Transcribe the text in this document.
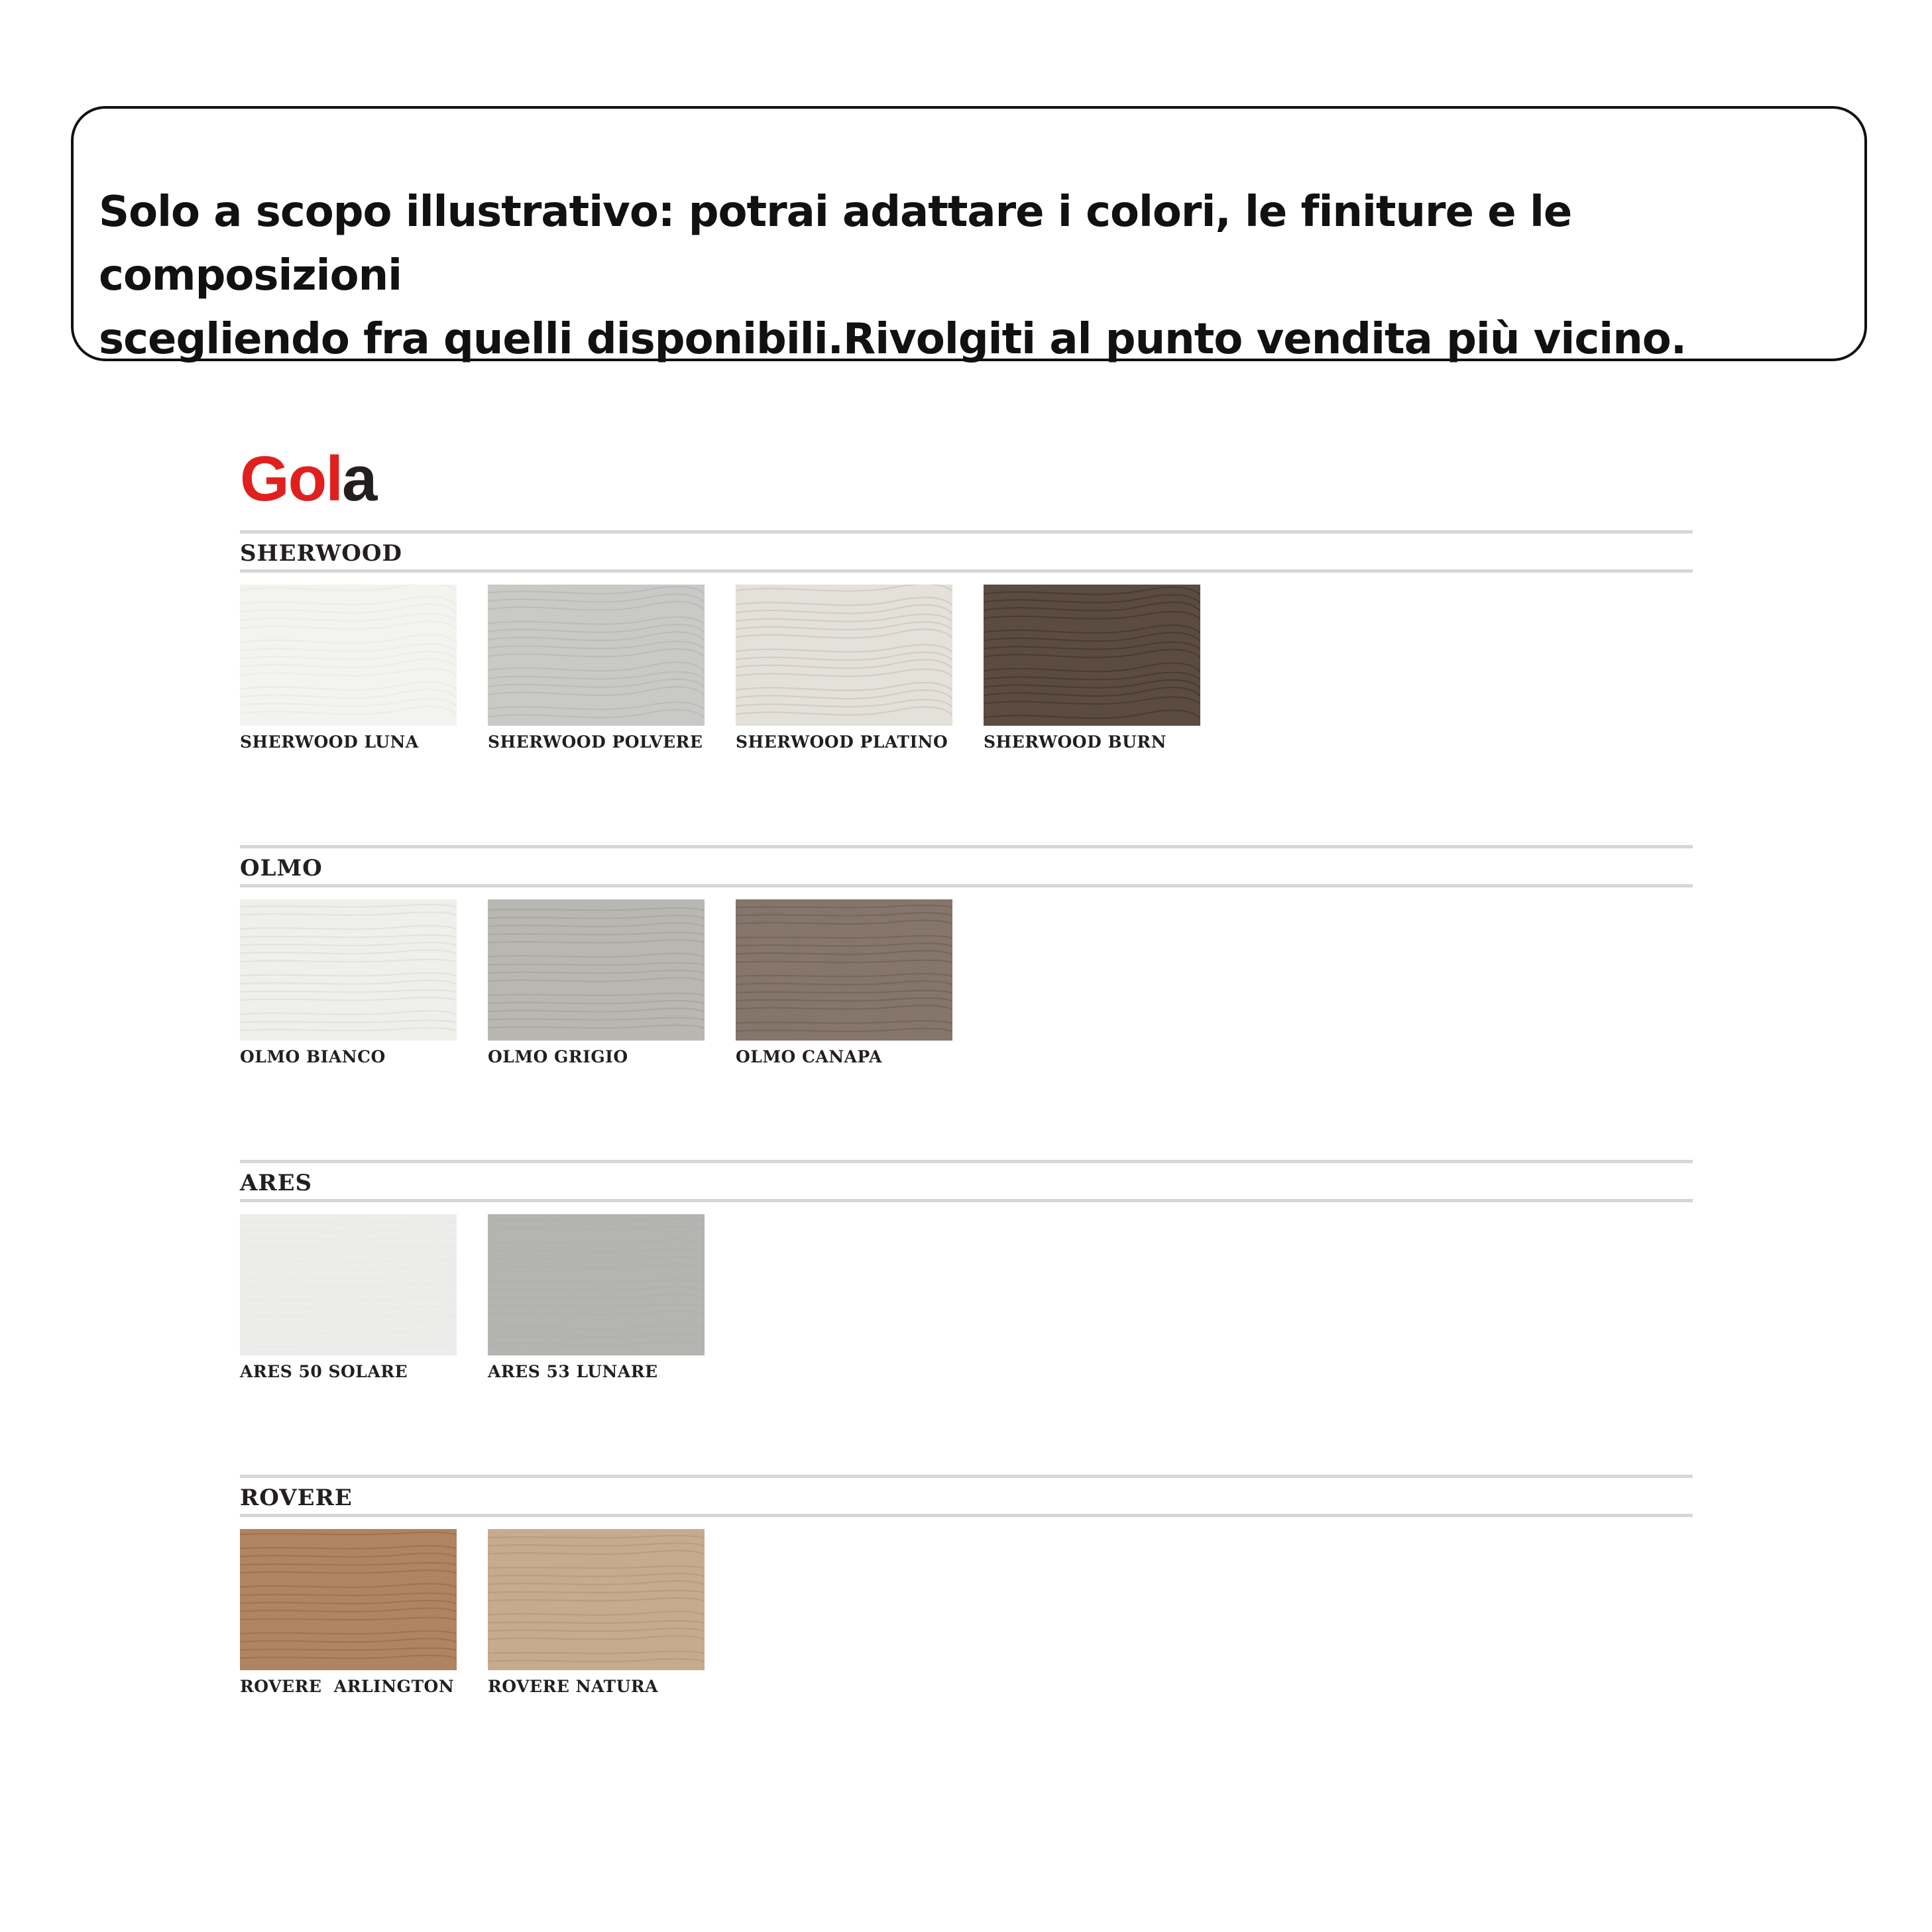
Solo a scopo illustrativo: potrai adattare i colori, le finiture e le composizioni
scegliendo fra quelli disponibili.Rivolgiti al punto vendita più vicino.

Gola
SHERWOOD
SHERWOOD LUNA	SHERWOOD POLVERE SHERWOOD PLATINO SHERWOOD BURN
OLMO
OLMO BIANCO	OLMO GRIGIO	OLMO CANAPA
ARES
ARES 50 SOLARE	ARES 53 LUNARE
ROVERE
ROVERE  ARLINGTON ROVERE NATURA
